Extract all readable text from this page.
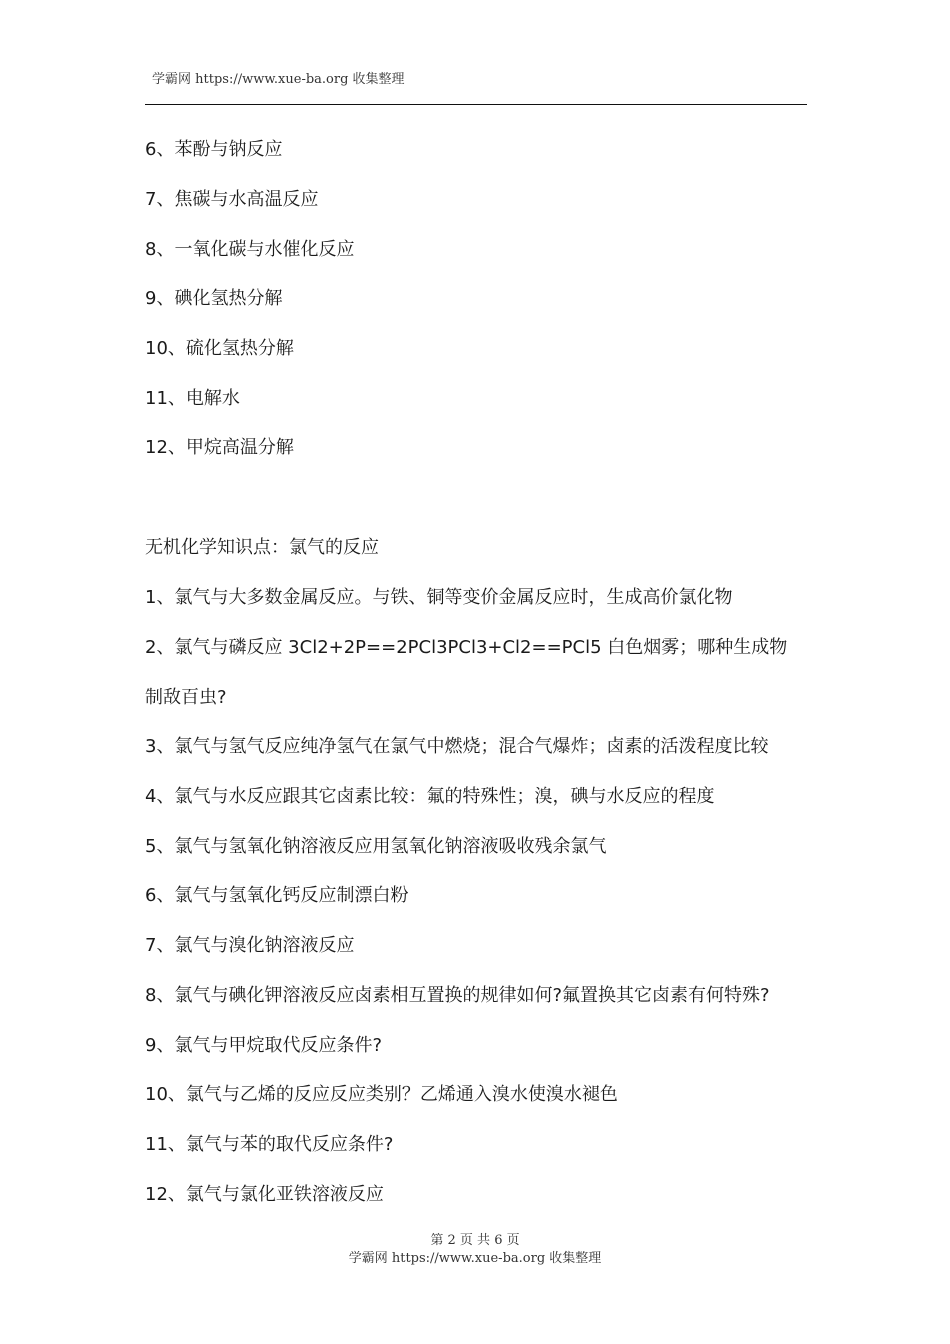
学霸网 https://www.xue-ba.org 收集整理
6、苯酚与钠反应
7、焦碳与水高温反应
8、一氧化碳与水催化反应
9、碘化氢热分解
10、硫化氢热分解
11、电解水
12、甲烷高温分解
无机化学知识点：氯气的反应
1、氯气与大多数金属反应。与铁、铜等变价金属反应时，生成高价氯化物
2、氯气与磷反应 3Cl2+2P==2PCl3PCl3+Cl2==PCl5 白色烟雾；哪种生成物
制敌百虫?
3、氯气与氢气反应纯净氢气在氯气中燃烧；混合气爆炸；卤素的活泼程度比较
4、氯气与水反应跟其它卤素比较：氟的特殊性；溴，碘与水反应的程度
5、氯气与氢氧化钠溶液反应用氢氧化钠溶液吸收残余氯气
6、氯气与氢氧化钙反应制漂白粉
7、氯气与溴化钠溶液反应
8、氯气与碘化钾溶液反应卤素相互置换的规律如何?氟置换其它卤素有何特殊?
9、氯气与甲烷取代反应条件?
10、氯气与乙烯的反应反应类别？乙烯通入溴水使溴水褪色
11、氯气与苯的取代反应条件?
12、氯气与氯化亚铁溶液反应
第 2 页 共 6 页
学霸网 https://www.xue-ba.org 收集整理
